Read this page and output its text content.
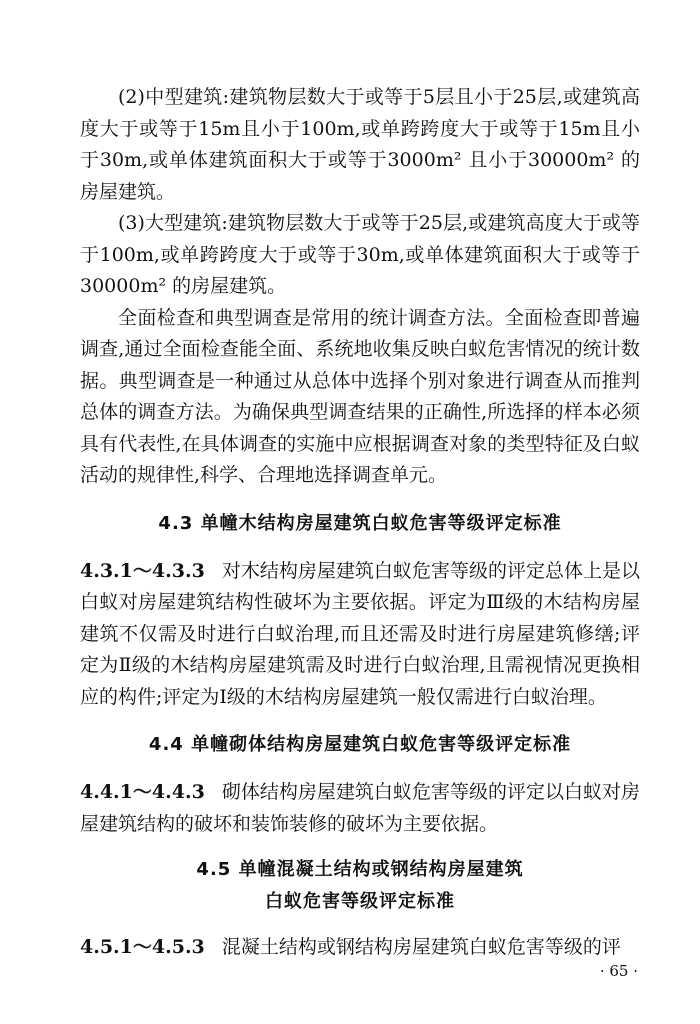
(2)中型建筑:建筑物层数大于或等于5层且小于25层,或建筑高度大于或等于15m且小于100m,或单跨跨度大于或等于15m且小于30m,或单体建筑面积大于或等于3000m² 且小于30000m² 的房屋建筑。

(3)大型建筑:建筑物层数大于或等于25层,或建筑高度大于或等于100m,或单跨跨度大于或等于30m,或单体建筑面积大于或等于30000m² 的房屋建筑。

全面检查和典型调查是常用的统计调查方法。全面检查即普遍调查,通过全面检查能全面、系统地收集反映白蚁危害情况的统计数据。典型调查是一种通过从总体中选择个别对象进行调查从而推判总体的调查方法。为确保典型调查结果的正确性,所选择的样本必须具有代表性,在具体调查的实施中应根据调查对象的类型特征及白蚁活动的规律性,科学、合理地选择调查单元。

4.3 单幢木结构房屋建筑白蚁危害等级评定标准

4.3.1～4.3.3 对木结构房屋建筑白蚁危害等级的评定总体上是以白蚁对房屋建筑结构性破坏为主要依据。评定为Ⅲ级的木结构房屋建筑不仅需及时进行白蚁治理,而且还需及时进行房屋建筑修缮;评定为Ⅱ级的木结构房屋建筑需及时进行白蚁治理,且需视情况更换相应的构件;评定为Ⅰ级的木结构房屋建筑一般仅需进行白蚁治理。

4.4 单幢砌体结构房屋建筑白蚁危害等级评定标准

4.4.1～4.4.3 砌体结构房屋建筑白蚁危害等级的评定以白蚁对房屋建筑结构的破坏和装饰装修的破坏为主要依据。

4.5 单幢混凝土结构或钢结构房屋建筑
白蚁危害等级评定标准

4.5.1～4.5.3 混凝土结构或钢结构房屋建筑白蚁危害等级的评

· 65 ·
